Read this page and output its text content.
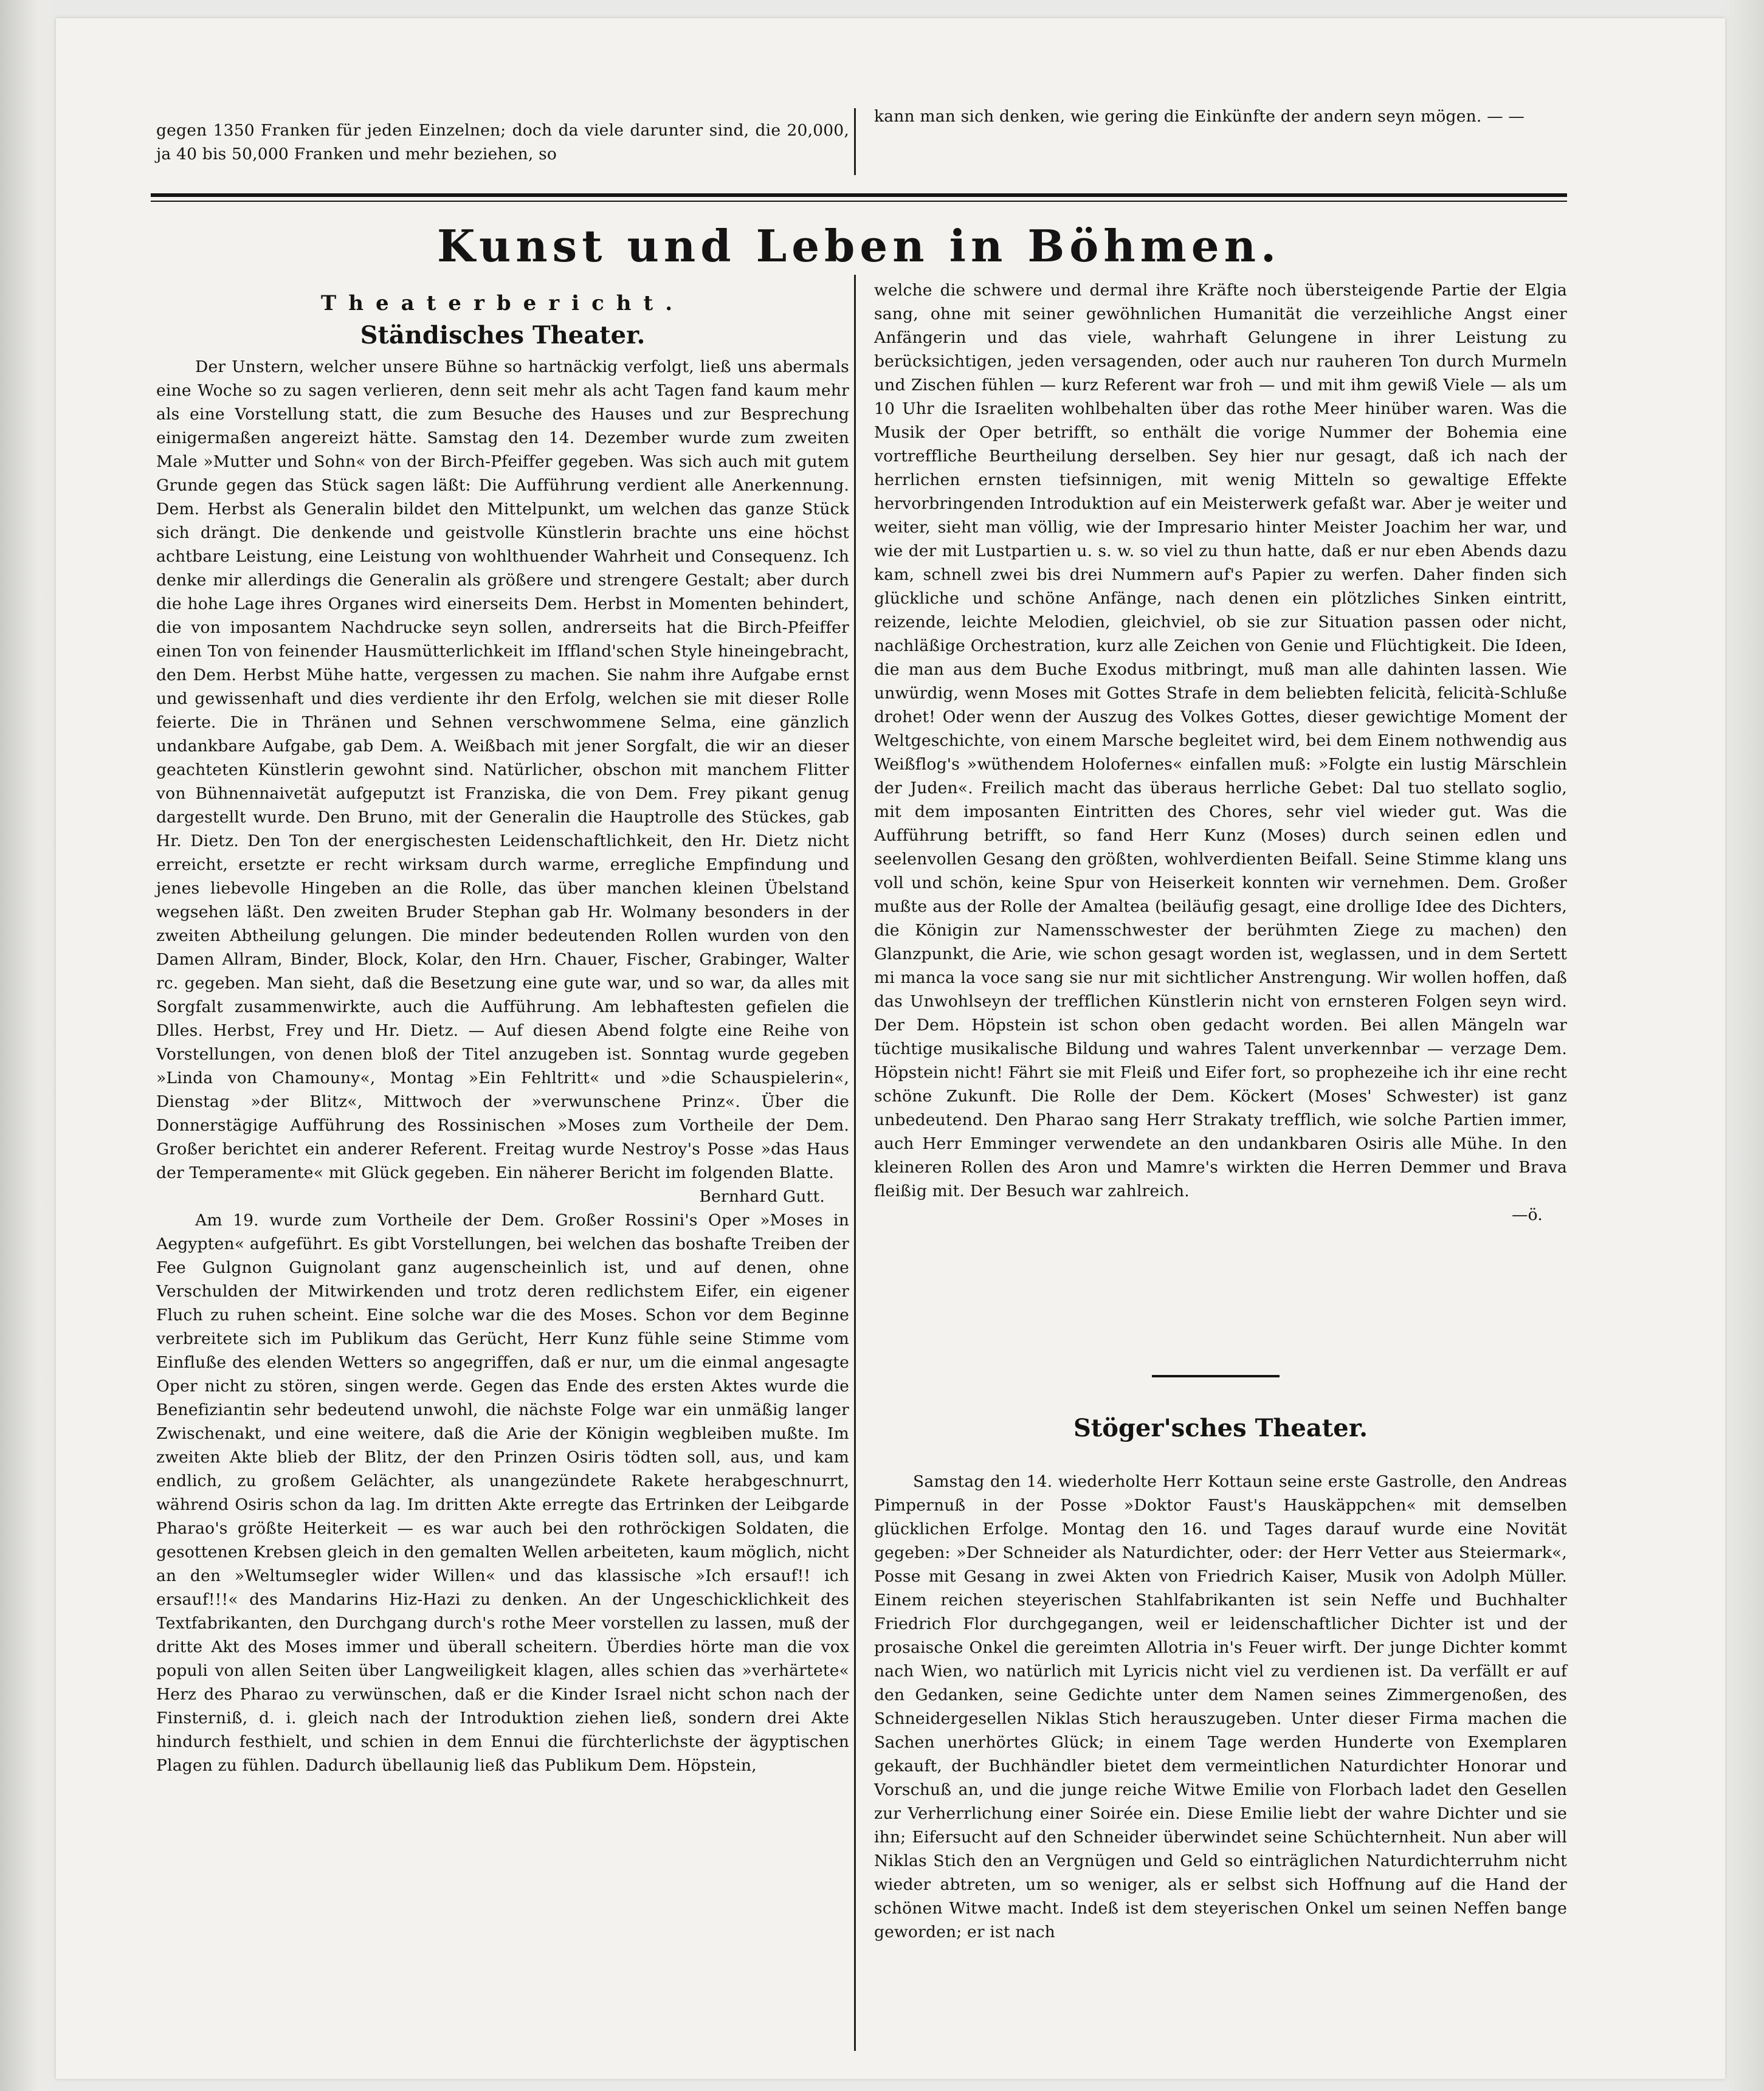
gegen 1350 Franken für jeden Einzelnen; doch da viele darunter sind, die 20,000, ja 40 bis 50,000 Franken und mehr beziehen, so

kann man sich denken, wie gering die Einkünfte der andern seyn mögen. — —

Kunst und Leben in Böhmen.
Theaterbericht.
Ständisches Theater.

Der Unstern, welcher unsere Bühne so hartnäckig verfolgt, ließ uns abermals eine Woche so zu sagen verlieren, denn seit mehr als acht Tagen fand kaum mehr als eine Vorstellung statt, die zum Besuche des Hauses und zur Besprechung einigermaßen angereizt hätte. Samstag den 14. Dezember wurde zum zweiten Male »Mutter und Sohn« von der Birch-Pfeiffer gegeben. Was sich auch mit gutem Grunde gegen das Stück sagen läßt: Die Aufführung verdient alle Anerkennung. Dem. Herbst als Generalin bildet den Mittelpunkt, um welchen das ganze Stück sich drängt. Die denkende und geistvolle Künstlerin brachte uns eine höchst achtbare Leistung, eine Leistung von wohlthuender Wahrheit und Consequenz. Ich denke mir allerdings die Generalin als größere und strengere Gestalt; aber durch die hohe Lage ihres Organes wird einerseits Dem. Herbst in Momenten behindert, die von imposantem Nachdrucke seyn sollen, andrerseits hat die Birch-Pfeiffer einen Ton von feinender Hausmütterlichkeit im Iffland'schen Style hineingebracht, den Dem. Herbst Mühe hatte, vergessen zu machen. Sie nahm ihre Aufgabe ernst und gewissenhaft und dies verdiente ihr den Erfolg, welchen sie mit dieser Rolle feierte. Die in Thränen und Sehnen verschwommene Selma, eine gänzlich undankbare Aufgabe, gab Dem. A. Weißbach mit jener Sorgfalt, die wir an dieser geachteten Künstlerin gewohnt sind. Natürlicher, obschon mit manchem Flitter von Bühnennaivetät aufgeputzt ist Franziska, die von Dem. Frey pikant genug dargestellt wurde. Den Bruno, mit der Generalin die Hauptrolle des Stückes, gab Hr. Dietz. Den Ton der energischesten Leidenschaftlichkeit, den Hr. Dietz nicht erreicht, ersetzte er recht wirksam durch warme, erregliche Empfindung und jenes liebevolle Hingeben an die Rolle, das über manchen kleinen Übelstand wegsehen läßt. Den zweiten Bruder Stephan gab Hr. Wolmany besonders in der zweiten Abtheilung gelungen. Die minder bedeutenden Rollen wurden von den Damen Allram, Binder, Block, Kolar, den Hrn. Chauer, Fischer, Grabinger, Walter rc. gegeben. Man sieht, daß die Besetzung eine gute war, und so war, da alles mit Sorgfalt zusammenwirkte, auch die Aufführung. Am lebhaftesten gefielen die Dlles. Herbst, Frey und Hr. Dietz. — Auf diesen Abend folgte eine Reihe von Vorstellungen, von denen bloß der Titel anzugeben ist. Sonntag wurde gegeben »Linda von Chamouny«, Montag »Ein Fehltritt« und »die Schauspielerin«, Dienstag »der Blitz«, Mittwoch der »verwunschene Prinz«. Über die Donnerstägige Aufführung des Rossinischen »Moses zum Vortheile der Dem. Großer berichtet ein anderer Referent. Freitag wurde Nestroy's Posse »das Haus der Temperamente« mit Glück gegeben. Ein näherer Bericht im folgenden Blatte.

Bernhard Gutt.

Am 19. wurde zum Vortheile der Dem. Großer Rossini's Oper »Moses in Aegypten« aufgeführt. Es gibt Vorstellungen, bei welchen das boshafte Treiben der Fee Gulgnon Guignolant ganz augenscheinlich ist, und auf denen, ohne Verschulden der Mitwirkenden und trotz deren redlichstem Eifer, ein eigener Fluch zu ruhen scheint. Eine solche war die des Moses. Schon vor dem Beginne verbreitete sich im Publikum das Gerücht, Herr Kunz fühle seine Stimme vom Einfluße des elenden Wetters so angegriffen, daß er nur, um die einmal angesagte Oper nicht zu stören, singen werde. Gegen das Ende des ersten Aktes wurde die Benefiziantin sehr bedeutend unwohl, die nächste Folge war ein unmäßig langer Zwischenakt, und eine weitere, daß die Arie der Königin wegbleiben mußte. Im zweiten Akte blieb der Blitz, der den Prinzen Osiris tödten soll, aus, und kam endlich, zu großem Gelächter, als unangezündete Rakete herabgeschnurrt, während Osiris schon da lag. Im dritten Akte erregte das Ertrinken der Leibgarde Pharao's größte Heiterkeit — es war auch bei den rothröckigen Soldaten, die gesottenen Krebsen gleich in den gemalten Wellen arbeiteten, kaum möglich, nicht an den »Weltumsegler wider Willen« und das klassische »Ich ersauf!! ich ersauf!!!« des Mandarins Hiz-Hazi zu denken. An der Ungeschicklichkeit des Textfabrikanten, den Durchgang durch's rothe Meer vorstellen zu lassen, muß der dritte Akt des Moses immer und überall scheitern. Überdies hörte man die vox populi von allen Seiten über Langweiligkeit klagen, alles schien das »verhärtete« Herz des Pharao zu verwünschen, daß er die Kinder Israel nicht schon nach der Finsterniß, d. i. gleich nach der Introduktion ziehen ließ, sondern drei Akte hindurch festhielt, und schien in dem Ennui die fürchterlichste der ägyptischen Plagen zu fühlen. Dadurch übellaunig ließ das Publikum Dem. Höpstein,

welche die schwere und dermal ihre Kräfte noch übersteigende Partie der Elgia sang, ohne mit seiner gewöhnlichen Humanität die verzeihliche Angst einer Anfängerin und das viele, wahrhaft Gelungene in ihrer Leistung zu berücksichtigen, jeden versagenden, oder auch nur rauheren Ton durch Murmeln und Zischen fühlen — kurz Referent war froh — und mit ihm gewiß Viele — als um 10 Uhr die Israeliten wohlbehalten über das rothe Meer hinüber waren. Was die Musik der Oper betrifft, so enthält die vorige Nummer der Bohemia eine vortreffliche Beurtheilung derselben. Sey hier nur gesagt, daß ich nach der herrlichen ernsten tiefsinnigen, mit wenig Mitteln so gewaltige Effekte hervorbringenden Introduktion auf ein Meisterwerk gefaßt war. Aber je weiter und weiter, sieht man völlig, wie der Impresario hinter Meister Joachim her war, und wie der mit Lustpartien u. s. w. so viel zu thun hatte, daß er nur eben Abends dazu kam, schnell zwei bis drei Nummern auf's Papier zu werfen. Daher finden sich glückliche und schöne Anfänge, nach denen ein plötzliches Sinken eintritt, reizende, leichte Melodien, gleichviel, ob sie zur Situation passen oder nicht, nachläßige Orchestration, kurz alle Zeichen von Genie und Flüchtigkeit. Die Ideen, die man aus dem Buche Exodus mitbringt, muß man alle dahinten lassen. Wie unwürdig, wenn Moses mit Gottes Strafe in dem beliebten felicità, felicità-Schluße drohet! Oder wenn der Auszug des Volkes Gottes, dieser gewichtige Moment der Weltgeschichte, von einem Marsche begleitet wird, bei dem Einem nothwendig aus Weißflog's »wüthendem Holofernes« einfallen muß: »Folgte ein lustig Märschlein der Juden«. Freilich macht das überaus herrliche Gebet: Dal tuo stellato soglio, mit dem imposanten Eintritten des Chores, sehr viel wieder gut. Was die Aufführung betrifft, so fand Herr Kunz (Moses) durch seinen edlen und seelenvollen Gesang den größten, wohlverdienten Beifall. Seine Stimme klang uns voll und schön, keine Spur von Heiserkeit konnten wir vernehmen. Dem. Großer mußte aus der Rolle der Amaltea (beiläufig gesagt, eine drollige Idee des Dichters, die Königin zur Namensschwester der berühmten Ziege zu machen) den Glanzpunkt, die Arie, wie schon gesagt worden ist, weglassen, und in dem Sertett mi manca la voce sang sie nur mit sichtlicher Anstrengung. Wir wollen hoffen, daß das Unwohlseyn der trefflichen Künstlerin nicht von ernsteren Folgen seyn wird. Der Dem. Höpstein ist schon oben gedacht worden. Bei allen Mängeln war tüchtige musikalische Bildung und wahres Talent unverkennbar — verzage Dem. Höpstein nicht! Fährt sie mit Fleiß und Eifer fort, so prophezeihe ich ihr eine recht schöne Zukunft. Die Rolle der Dem. Köckert (Moses' Schwester) ist ganz unbedeutend. Den Pharao sang Herr Strakaty trefflich, wie solche Partien immer, auch Herr Emminger verwendete an den undankbaren Osiris alle Mühe. In den kleineren Rollen des Aron und Mamre's wirkten die Herren Demmer und Brava fleißig mit. Der Besuch war zahlreich.

—ö.

Stöger'sches Theater.

Samstag den 14. wiederholte Herr Kottaun seine erste Gastrolle, den Andreas Pimpernuß in der Posse »Doktor Faust's Hauskäppchen« mit demselben glücklichen Erfolge. Montag den 16. und Tages darauf wurde eine Novität gegeben: »Der Schneider als Naturdichter, oder: der Herr Vetter aus Steiermark«, Posse mit Gesang in zwei Akten von Friedrich Kaiser, Musik von Adolph Müller. Einem reichen steyerischen Stahlfabrikanten ist sein Neffe und Buchhalter Friedrich Flor durchgegangen, weil er leidenschaftlicher Dichter ist und der prosaische Onkel die gereimten Allotria in's Feuer wirft. Der junge Dichter kommt nach Wien, wo natürlich mit Lyricis nicht viel zu verdienen ist. Da verfällt er auf den Gedanken, seine Gedichte unter dem Namen seines Zimmergenoßen, des Schneidergesellen Niklas Stich herauszugeben. Unter dieser Firma machen die Sachen unerhörtes Glück; in einem Tage werden Hunderte von Exemplaren gekauft, der Buchhändler bietet dem vermeintlichen Naturdichter Honorar und Vorschuß an, und die junge reiche Witwe Emilie von Florbach ladet den Gesellen zur Verherrlichung einer Soirée ein. Diese Emilie liebt der wahre Dichter und sie ihn; Eifersucht auf den Schneider überwindet seine Schüchternheit. Nun aber will Niklas Stich den an Vergnügen und Geld so einträglichen Naturdichterruhm nicht wieder abtreten, um so weniger, als er selbst sich Hoffnung auf die Hand der schönen Witwe macht. Indeß ist dem steyerischen Onkel um seinen Neffen bange geworden; er ist nach
